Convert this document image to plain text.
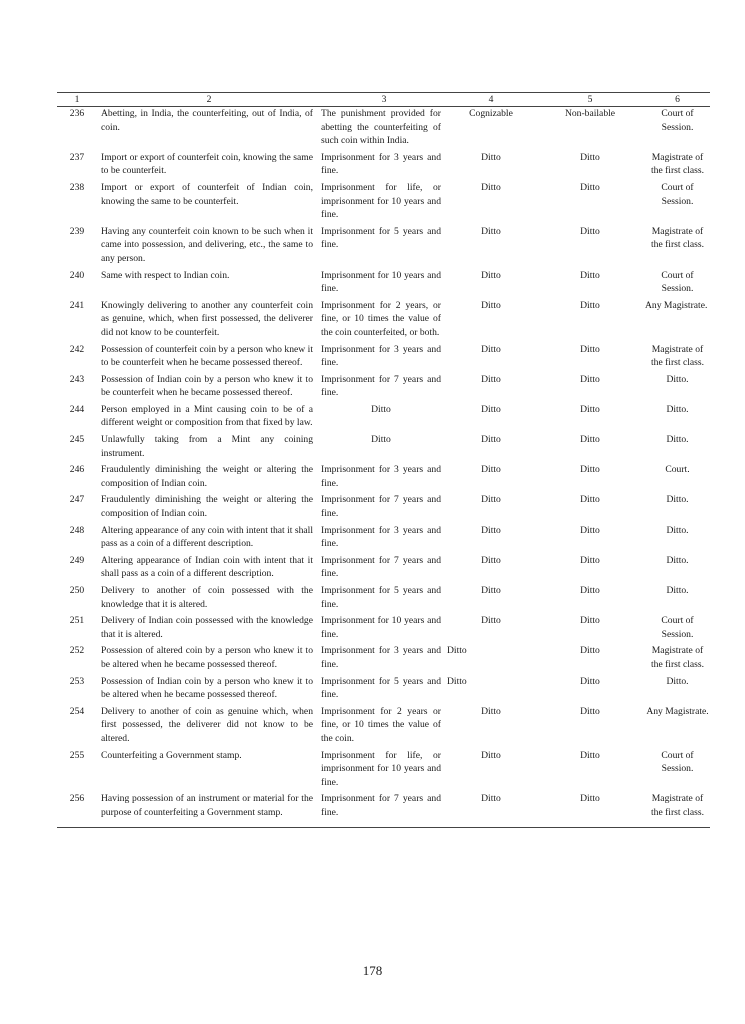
1	2	3	4	5	6
236	Abetting, in India, the counterfeiting, out of India, of coin.	The punishment provided for abetting the counterfeiting of such coin within India.	Cognizable	Non-bailable	Court of Session.
237	Import or export of counterfeit coin, knowing the same to be counterfeit.	Imprisonment for 3 years and fine.	Ditto	Ditto	Magistrate of the first class.
238	Import or export of counterfeit of Indian coin, knowing the same to be counterfeit.	Imprisonment for life, or imprisonment for 10 years and fine.	Ditto	Ditto	Court of Session.
239	Having any counterfeit coin known to be such when it came into possession, and delivering, etc., the same to any person.	Imprisonment for 5 years and fine.	Ditto	Ditto	Magistrate of the first class.
240	Same with respect to Indian coin.	Imprisonment for 10 years and fine.	Ditto	Ditto	Court of Session.
241	Knowingly delivering to another any counterfeit coin as genuine, which, when first possessed, the deliverer did not know to be counterfeit.	Imprisonment for 2 years, or fine, or 10 times the value of the coin counterfeited, or both.	Ditto	Ditto	Any Magistrate.
242	Possession of counterfeit coin by a person who knew it to be counterfeit when he became possessed thereof.	Imprisonment for 3 years and fine.	Ditto	Ditto	Magistrate of the first class.
243	Possession of Indian coin by a person who knew it to be counterfeit when he became possessed thereof.	Imprisonment for 7 years and fine.	Ditto	Ditto	Ditto.
244	Person employed in a Mint causing coin to be of a different weight or composition from that fixed by law.	Ditto	Ditto	Ditto	Ditto.
245	Unlawfully taking from a Mint any coining instrument.	Ditto	Ditto	Ditto	Ditto.
246	Fraudulently diminishing the weight or altering the composition of Indian coin.	Imprisonment for 3 years and fine.	Ditto	Ditto	Court.
247	Fraudulently diminishing the weight or altering the composition of Indian coin.	Imprisonment for 7 years and fine.	Ditto	Ditto	Ditto.
248	Altering appearance of any coin with intent that it shall pass as a coin of a different description.	Imprisonment for 3 years and fine.	Ditto	Ditto	Ditto.
249	Altering appearance of Indian coin with intent that it shall pass as a coin of a different description.	Imprisonment for 7 years and fine.	Ditto	Ditto	Ditto.
250	Delivery to another of coin possessed with the knowledge that it is altered.	Imprisonment for 5 years and fine.	Ditto	Ditto	Ditto.
251	Delivery of Indian coin possessed with the knowledge that it is altered.	Imprisonment for 10 years and fine.	Ditto	Ditto	Court of Session.
252	Possession of altered coin by a person who knew it to be altered when he became possessed thereof.	Imprisonment for 3 years and fine.	Ditto	Ditto	Magistrate of the first class.
253	Possession of Indian coin by a person who knew it to be altered when he became possessed thereof.	Imprisonment for 5 years and fine.	Ditto	Ditto	Ditto.
254	Delivery to another of coin as genuine which, when first possessed, the deliverer did not know to be altered.	Imprisonment for 2 years or fine, or 10 times the value of the coin.	Ditto	Ditto	Any Magistrate.
255	Counterfeiting a Government stamp.	Imprisonment for life, or imprisonment for 10 years and fine.	Ditto	Ditto	Court of Session.
256	Having possession of an instrument or material for the purpose of counterfeiting a Government stamp.	Imprisonment for 7 years and fine.	Ditto	Ditto	Magistrate of the first class.
178
